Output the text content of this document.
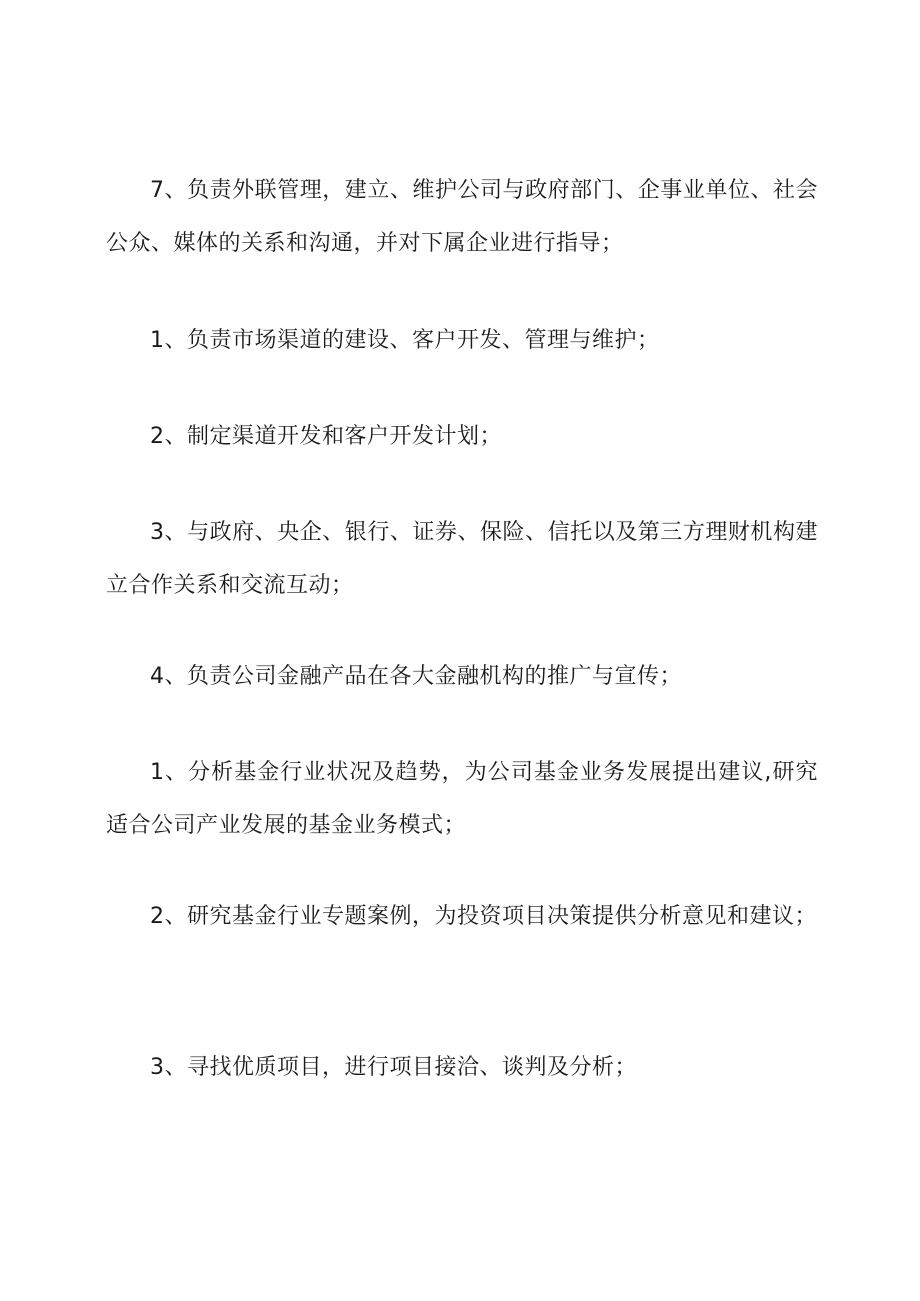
7、负责外联管理，建立、维护公司与政府部门、企事业单位、社会公众、媒体的关系和沟通，并对下属企业进行指导；

1、负责市场渠道的建设、客户开发、管理与维护；

2、制定渠道开发和客户开发计划；

3、与政府、央企、银行、证券、保险、信托以及第三方理财机构建立合作关系和交流互动；

4、负责公司金融产品在各大金融机构的推广与宣传；

1、分析基金行业状况及趋势，为公司基金业务发展提出建议,研究适合公司产业发展的基金业务模式；

2、研究基金行业专题案例，为投资项目决策提供分析意见和建议；

3、寻找优质项目，进行项目接洽、谈判及分析；
